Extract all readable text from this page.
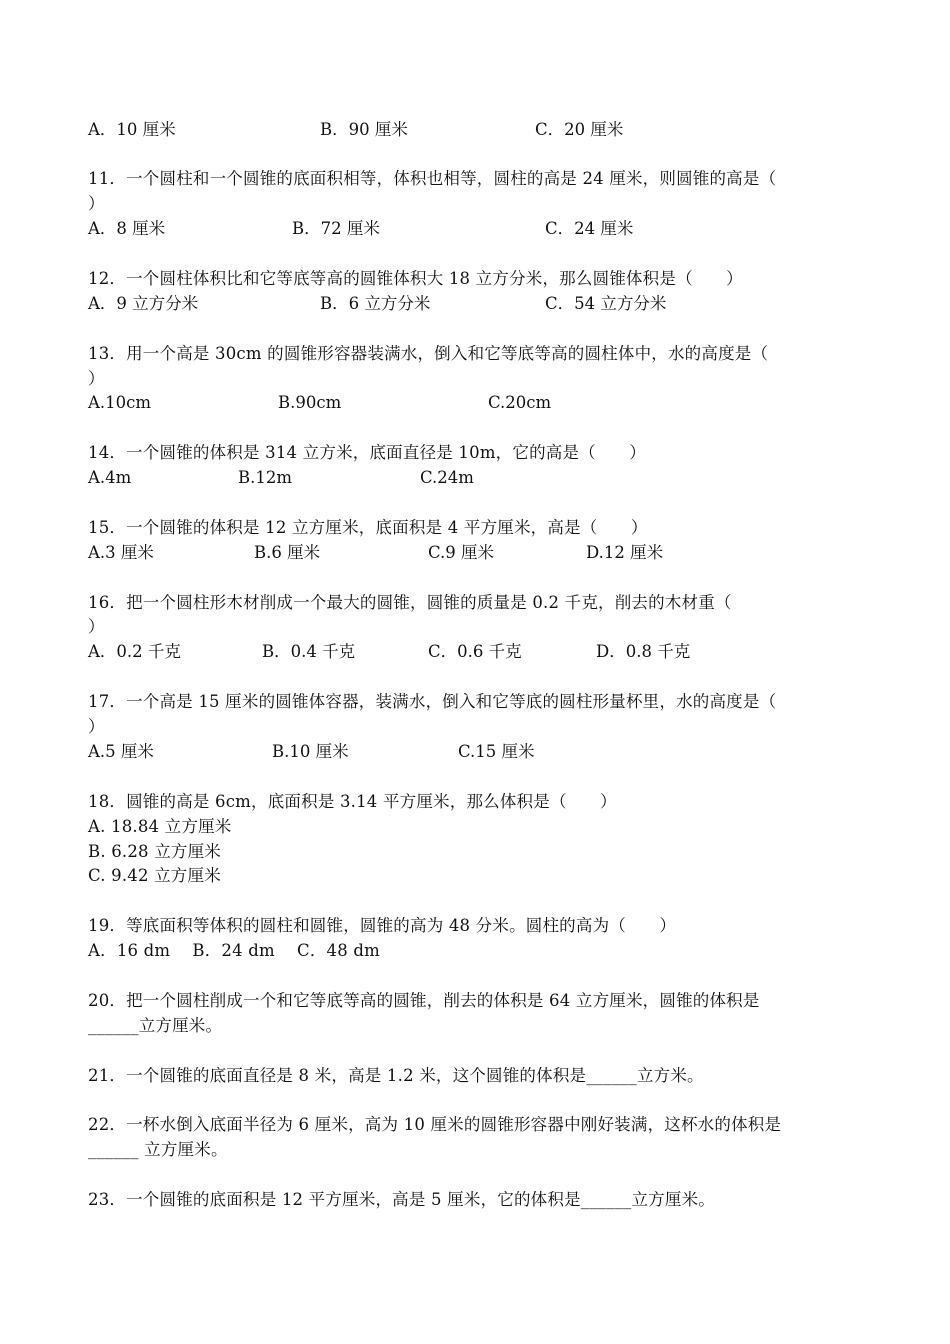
A．10 厘米	B．90 厘米	C．20 厘米
11．一个圆柱和一个圆锥的底面积相等，体积也相等，圆柱的高是 24 厘米，则圆锥的高是（
）
A．8 厘米	B．72 厘米	C．24 厘米
12．一个圆柱体积比和它等底等高的圆锥体积大 18 立方分米，那么圆锥体积是（　　）
A．9 立方分米	B．6 立方分米	C．54 立方分米
13．用一个高是 30cm 的圆锥形容器装满水，倒入和它等底等高的圆柱体中，水的高度是（
）
A.10cm	B.90cm	C.20cm
14．一个圆锥的体积是 314 立方米，底面直径是 10m，它的高是（　　）
A.4m	B.12m	C.24m
15．一个圆锥的体积是 12 立方厘米，底面积是 4 平方厘米，高是（　　）
A.3 厘米	B.6 厘米	C.9 厘米	D.12 厘米
16．把一个圆柱形木材削成一个最大的圆锥，圆锥的质量是 0.2 千克，削去的木材重（
）
A．0.2 千克	B．0.4 千克	C．0.6 千克	D．0.8 千克
17．一个高是 15 厘米的圆锥体容器，装满水，倒入和它等底的圆柱形量杯里，水的高度是（
）
A.5 厘米	B.10 厘米	C.15 厘米
18．圆锥的高是 6cm，底面积是 3.14 平方厘米，那么体积是（　　）
A. 18.84 立方厘米
B. 6.28 立方厘米
C. 9.42 立方厘米
19．等底面积等体积的圆柱和圆锥，圆锥的高为 48 分米。圆柱的高为（　　）
A．16 dm　 B．24 dm　 C．48 dm
20．把一个圆柱削成一个和它等底等高的圆锥，削去的体积是 64 立方厘米，圆锥的体积是
______立方厘米。
21．一个圆锥的底面直径是 8 米，高是 1.2 米，这个圆锥的体积是______立方米。
22．一杯水倒入底面半径为 6 厘米，高为 10 厘米的圆锥形容器中刚好装满，这杯水的体积是
______ 立方厘米。
23．一个圆锥的底面积是 12 平方厘米，高是 5 厘米，它的体积是______立方厘米。
